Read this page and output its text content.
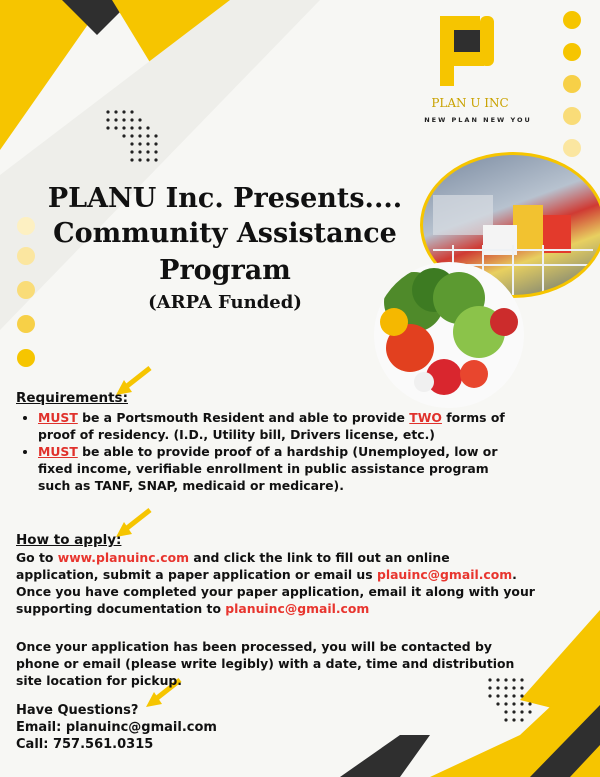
PLAN U INC
NEW PLAN NEW YOU
PLANU Inc. Presents....
Community Assistance
Program
(ARPA Funded)
Requirements:
• MUST be a Portsmouth Resident and able to provide TWO forms of proof of residency. (I.D., Utility bill, Drivers license, etc.)
• MUST be able to provide proof of a hardship (Unemployed, low or fixed income, verifiable enrollment in public assistance program such as TANF, SNAP, medicaid or medicare).
How to apply:
Go to www.planuinc.com and click the link to fill out an online application, submit a paper application or email us plauinc@gmail.com. Once you have completed your paper application, email it along with your supporting documentation to planuinc@gmail.com
Once your application has been processed, you will be contacted by phone or email (please write legibly) with a date, time and distribution site location for pickup.
Have Questions?
Email: planuinc@gmail.com
Call: 757.561.0315
